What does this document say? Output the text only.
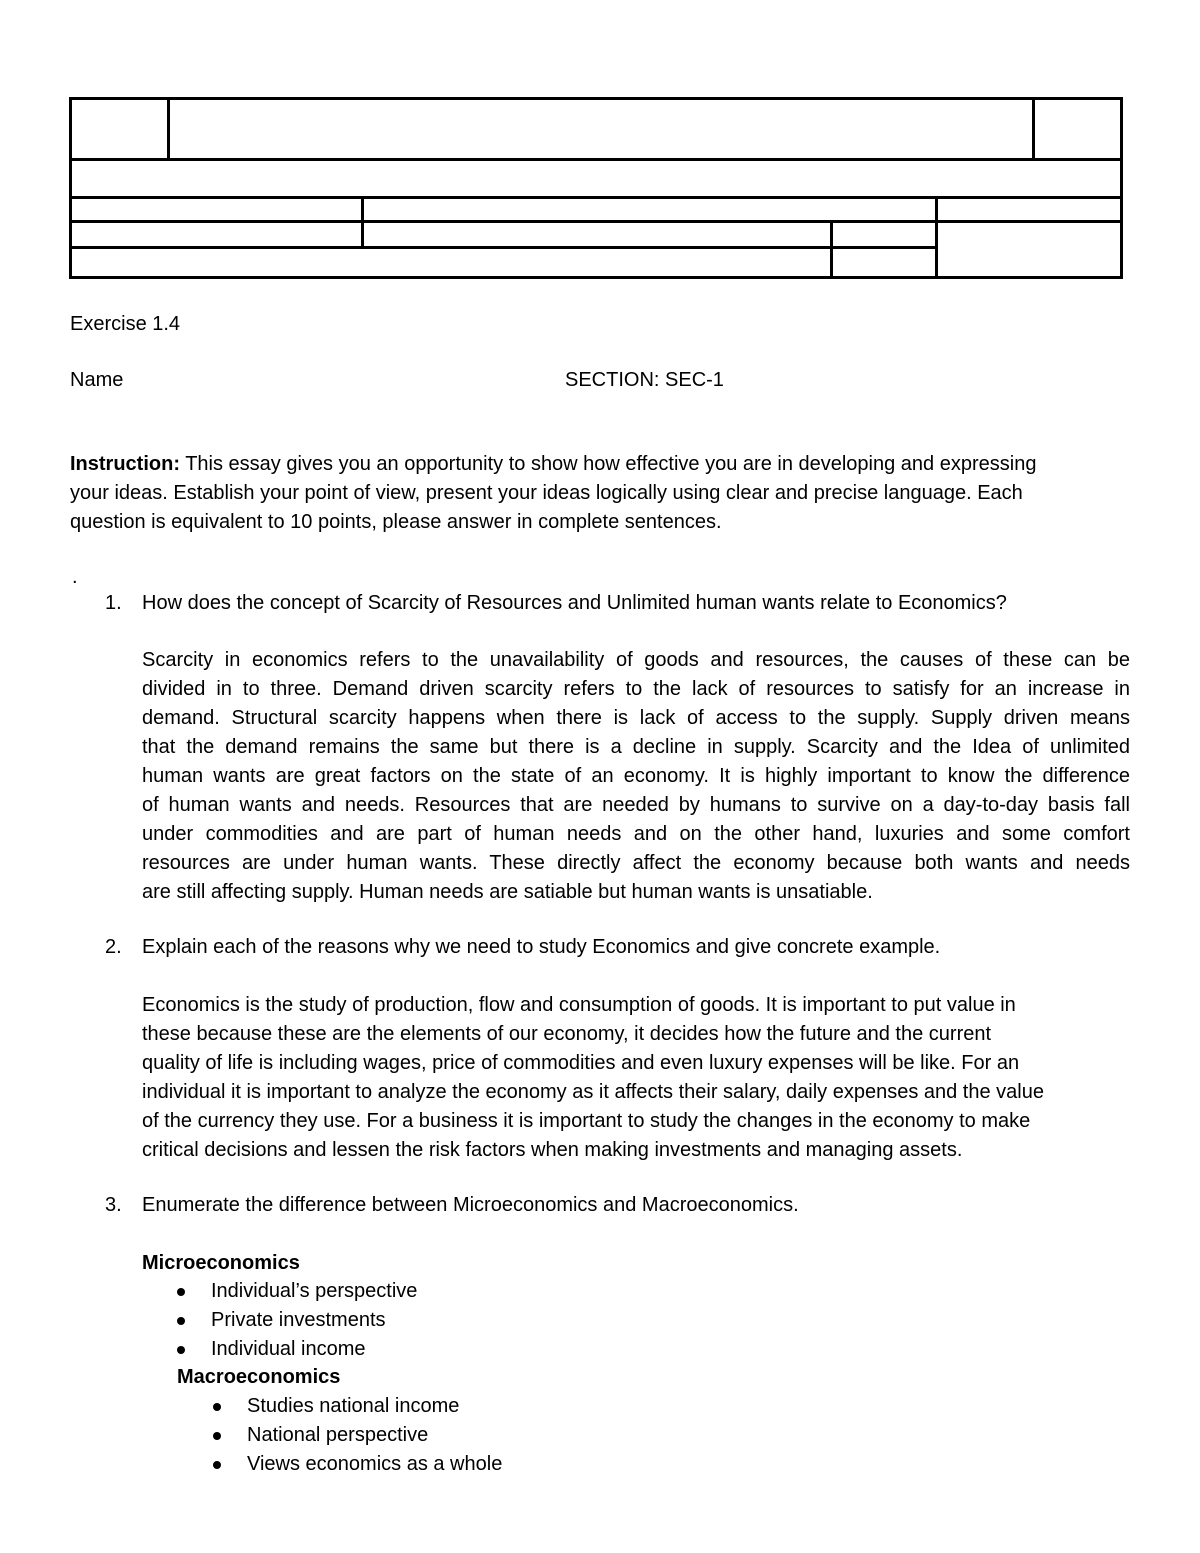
Exercise 1.4
Name	SECTION: SEC-1
Instruction: This essay gives you an opportunity to show how effective you are in developing and expressing
your ideas. Establish your point of view, present your ideas logically using clear and precise language. Each
question is equivalent to 10 points, please answer in complete sentences.
.
1. How does the concept of Scarcity of Resources and Unlimited human wants relate to Economics?
Scarcity in economics refers to the unavailability of goods and resources, the causes of these can be
divided in to three. Demand driven scarcity refers to the lack of resources to satisfy for an increase in
demand. Structural scarcity happens when there is lack of access to the supply. Supply driven means
that the demand remains the same but there is a decline in supply. Scarcity and the Idea of unlimited
human wants are great factors on the state of an economy. It is highly important to know the difference
of human wants and needs. Resources that are needed by humans to survive on a day-to-day basis fall
under commodities and are part of human needs and on the other hand, luxuries and some comfort
resources are under human wants. These directly affect the economy because both wants and needs
are still affecting supply. Human needs are satiable but human wants is unsatiable.
2. Explain each of the reasons why we need to study Economics and give concrete example.
Economics is the study of production, flow and consumption of goods. It is important to put value in
these because these are the elements of our economy, it decides how the future and the current
quality of life is including wages, price of commodities and even luxury expenses will be like. For an
individual it is important to analyze the economy as it affects their salary, daily expenses and the value
of the currency they use. For a business it is important to study the changes in the economy to make
critical decisions and lessen the risk factors when making investments and managing assets.
3. Enumerate the difference between Microeconomics and Macroeconomics.
Microeconomics
Individual’s perspective
Private investments
Individual income
Macroeconomics
Studies national income
National perspective
Views economics as a whole
